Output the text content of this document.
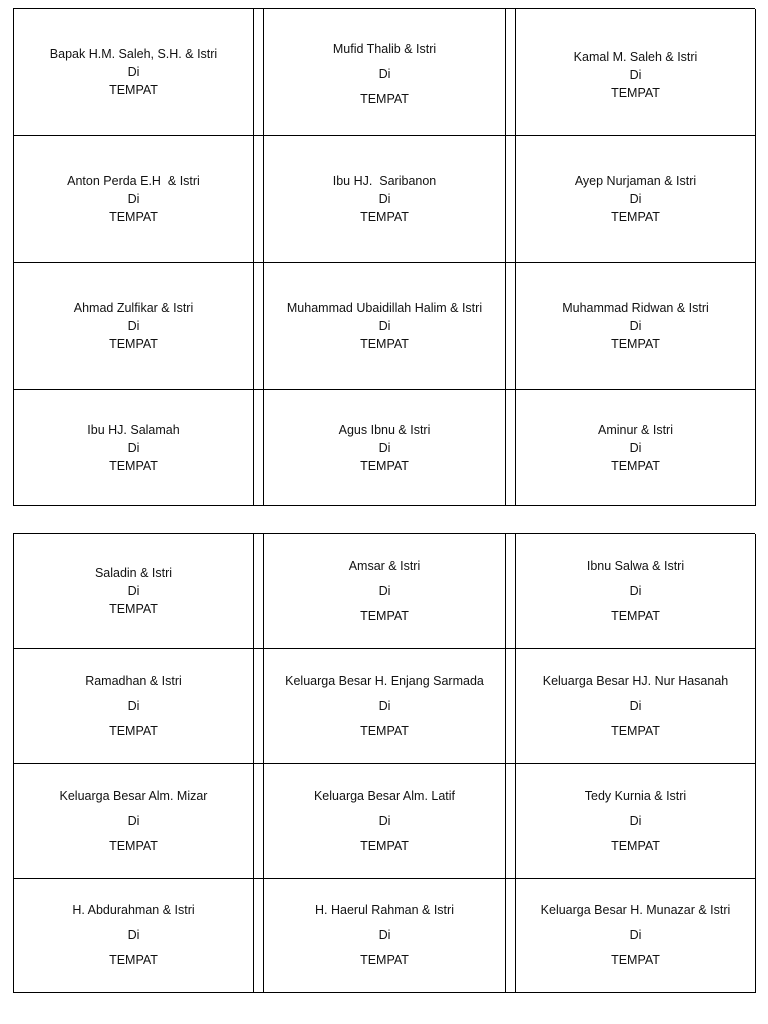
Bapak H.M. Saleh, S.H. & Istri
Di
TEMPAT
Mufid Thalib & Istri
Di
TEMPAT
Kamal M. Saleh & Istri
Di
TEMPAT
Anton Perda E.H  & Istri
Di
TEMPAT
Ibu HJ.  Saribanon
Di
TEMPAT
Ayep Nurjaman & Istri
Di
TEMPAT
Ahmad Zulfikar & Istri
Di
TEMPAT
Muhammad Ubaidillah Halim & Istri
Di
TEMPAT
Muhammad Ridwan & Istri
Di
TEMPAT
Ibu HJ. Salamah
Di
TEMPAT
Agus Ibnu & Istri
Di
TEMPAT
Aminur & Istri
Di
TEMPAT
Saladin & Istri
Di
TEMPAT
Amsar & Istri
Di
TEMPAT
Ibnu Salwa & Istri
Di
TEMPAT
Ramadhan & Istri
Di
TEMPAT
Keluarga Besar H. Enjang Sarmada
Di
TEMPAT
Keluarga Besar HJ. Nur Hasanah
Di
TEMPAT
Keluarga Besar Alm. Mizar
Di
TEMPAT
Keluarga Besar Alm. Latif
Di
TEMPAT
Tedy Kurnia & Istri
Di
TEMPAT
H. Abdurahman & Istri
Di
TEMPAT
H. Haerul Rahman & Istri
Di
TEMPAT
Keluarga Besar H. Munazar & Istri
Di
TEMPAT
